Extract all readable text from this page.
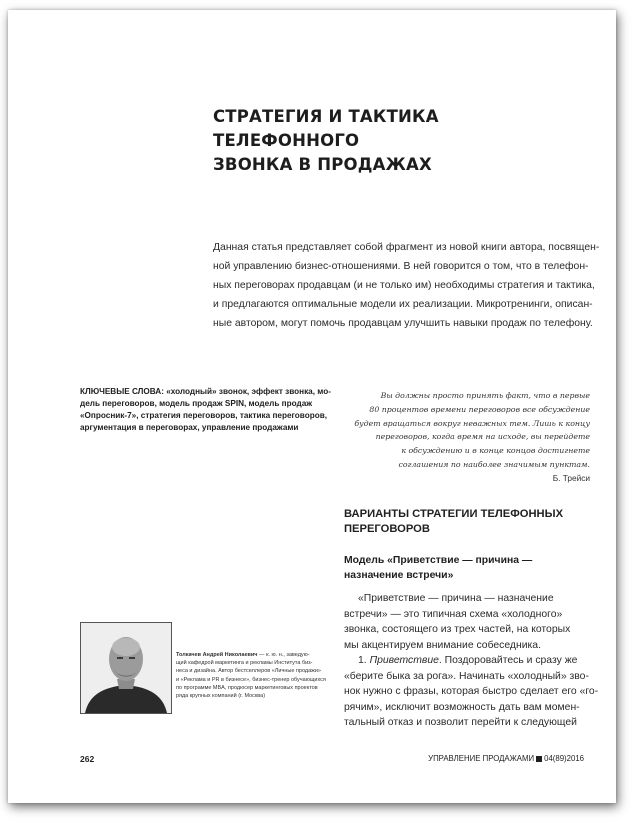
СТРАТЕГИЯ И ТАКТИКА ТЕЛЕФОННОГО
ЗВОНКА В ПРОДАЖАХ
Данная статья представляет собой фрагмент из новой книги автора, посвящен-
ной управлению бизнес-отношениями. В ней говорится о том, что в телефон-
ных переговорах продавцам (и не только им) необходимы стратегия и тактика,
и предлагаются оптимальные модели их реализации. Микротренинги, описан-
ные автором, могут помочь продавцам улучшить навыки продаж по телефону.
КЛЮЧЕВЫЕ СЛОВА: «холодный» звонок, эффект звонка, мо-
дель переговоров, модель продаж SPIN, модель продаж
«Опросник-7», стратегия переговоров, тактика переговоров,
аргументация в переговорах, управление продажами
Вы должны просто принять факт, что в первые
80 процентов времени переговоров все обсуждение
будет вращаться вокруг неважных тем. Лишь к концу
переговоров, когда время на исходе, вы перейдете
к обсуждению и в конце концов достигнете
соглашения по наиболее значимым пунктам.
Б. Трейси
ВАРИАНТЫ СТРАТЕГИИ ТЕЛЕФОННЫХ
ПЕРЕГОВОРОВ
Модель «Приветствие — причина —
назначение встречи»
«Приветствие — причина — назначение
встречи» — это типичная схема «холодного»
звонка, состоящего из трех частей, на которых
мы акцентируем внимание собеседника.
1. Приветствие. Поздоровайтесь и сразу же
«берите быка за рога». Начинать «холодный» зво-
нок нужно с фразы, которая быстро сделает его «го-
рячим», исключит возможность дать вам момен-
тальный отказ и позволит перейти к следующей
Толкачев Андрей Николаевич — к. ю. н., заведую-
щий кафедрой маркетинга и рекламы Института биз-
неса и дизайна. Автор бестселлеров «Личные продажи»
и «Реклама и PR в бизнесе», бизнес-тренер обучающихся
по программе MBA, продюсер маркетинговых проектов
ряда крупных компаний (г. Москва)
262	УПРАВЛЕНИЕ ПРОДАЖАМИ 04(89)2016
